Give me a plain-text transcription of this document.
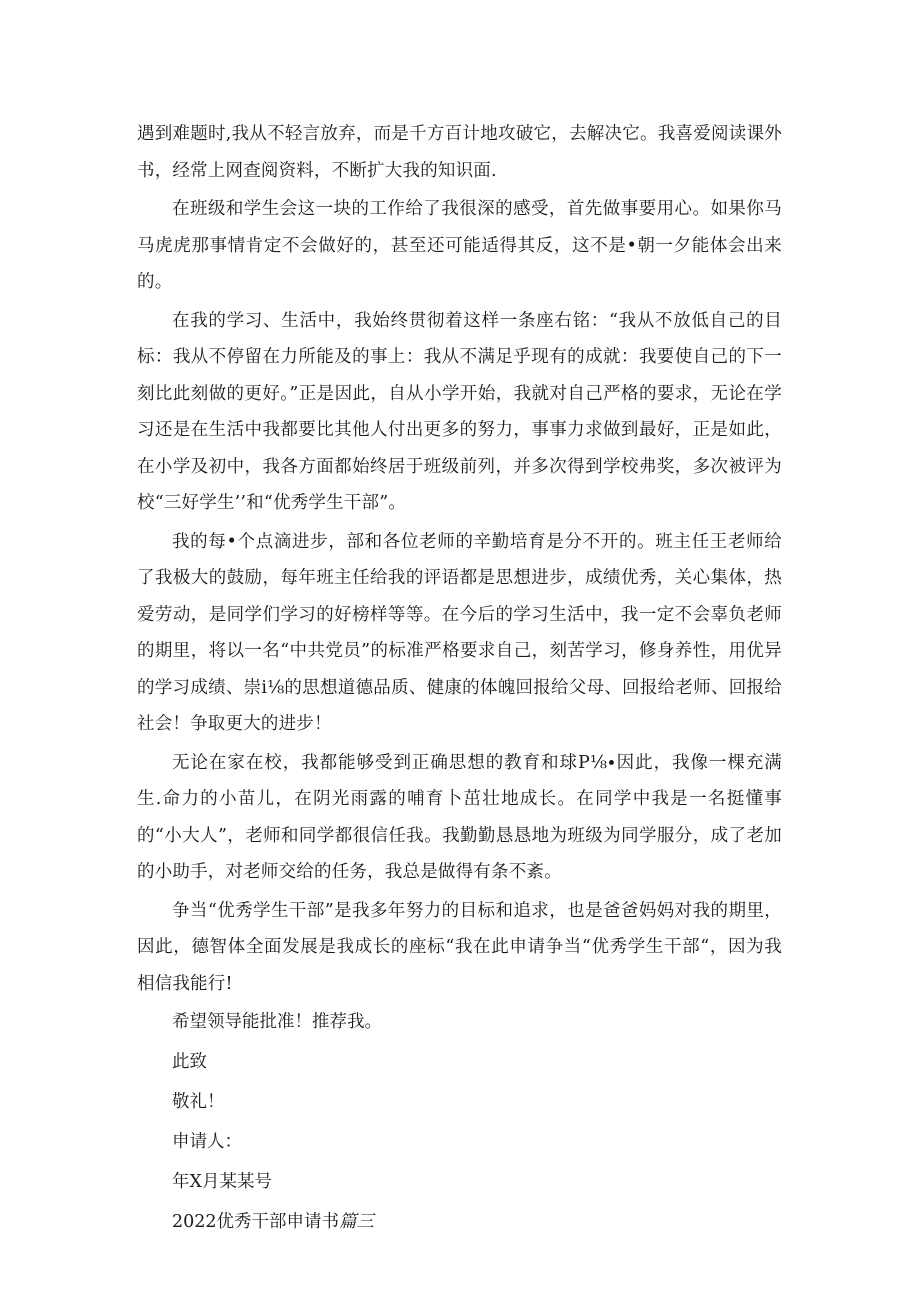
遇到难题时,我从不轻言放弃，而是千方百计地攻破它，去解决它。我喜爱阅读课外书，经常上网查阅资料，不断扩大我的知识面.

在班级和学生会这一块的工作给了我很深的感受，首先做事要用心。如果你马马虎虎那事情肯定不会做好的，甚至还可能适得其反，这不是•朝一夕能体会出来的。

在我的学习、生活中，我始终贯彻着这样一条座右铭：“我从不放低自己的目标：我从不停留在力所能及的事上：我从不满足乎现有的成就：我要使自己的下一刻比此刻做的更好。”正是因此，自从小学开始，我就对自己严格的要求，无论在学习还是在生活中我都要比其他人付出更多的努力，事事力求做到最好，正是如此，在小学及初中，我各方面都始终居于班级前列，并多次得到学校弗奖，多次被评为校“三好学生’’和“优秀学生干部”。

我的每•个点滴进步，部和各位老师的辛勤培育是分不开的。班主任王老师给了我极大的鼓励，每年班主任给我的评语都是思想进步，成绩优秀，关心集体，热爱劳动，是同学们学习的好榜样等等。在今后的学习生活中，我一定不会辜负老师的期里，将以一名“中共党员”的标准严格要求自己，刻苦学习，修身养性，用优异的学习成绩、崇i⅛的思想道德品质、健康的体魄回报给父母、回报给老师、回报给社会！争取更大的进步！

无论在家在校，我都能够受到正确思想的教育和球P⅛∙因此，我像一棵充满生.命力的小苗儿，在阴光雨露的哺育卜茁壮地成长。在同学中我是一名挺懂事的“小大人”，老师和同学都很信任我。我勤勤恳恳地为班级为同学服分，成了老加的小助手，对老师交给的任务，我总是做得有条不紊。

争当“优秀学生干部”是我多年努力的目标和追求，也是爸爸妈妈对我的期里，因此，德智体全面发展是我成长的座标“我在此申请争当“优秀学生干部“，因为我相信我能行!

希望领导能批准！推荐我。

此致

敬礼！

申请人：

年X月某某号

2022优秀干部申请书篇三
